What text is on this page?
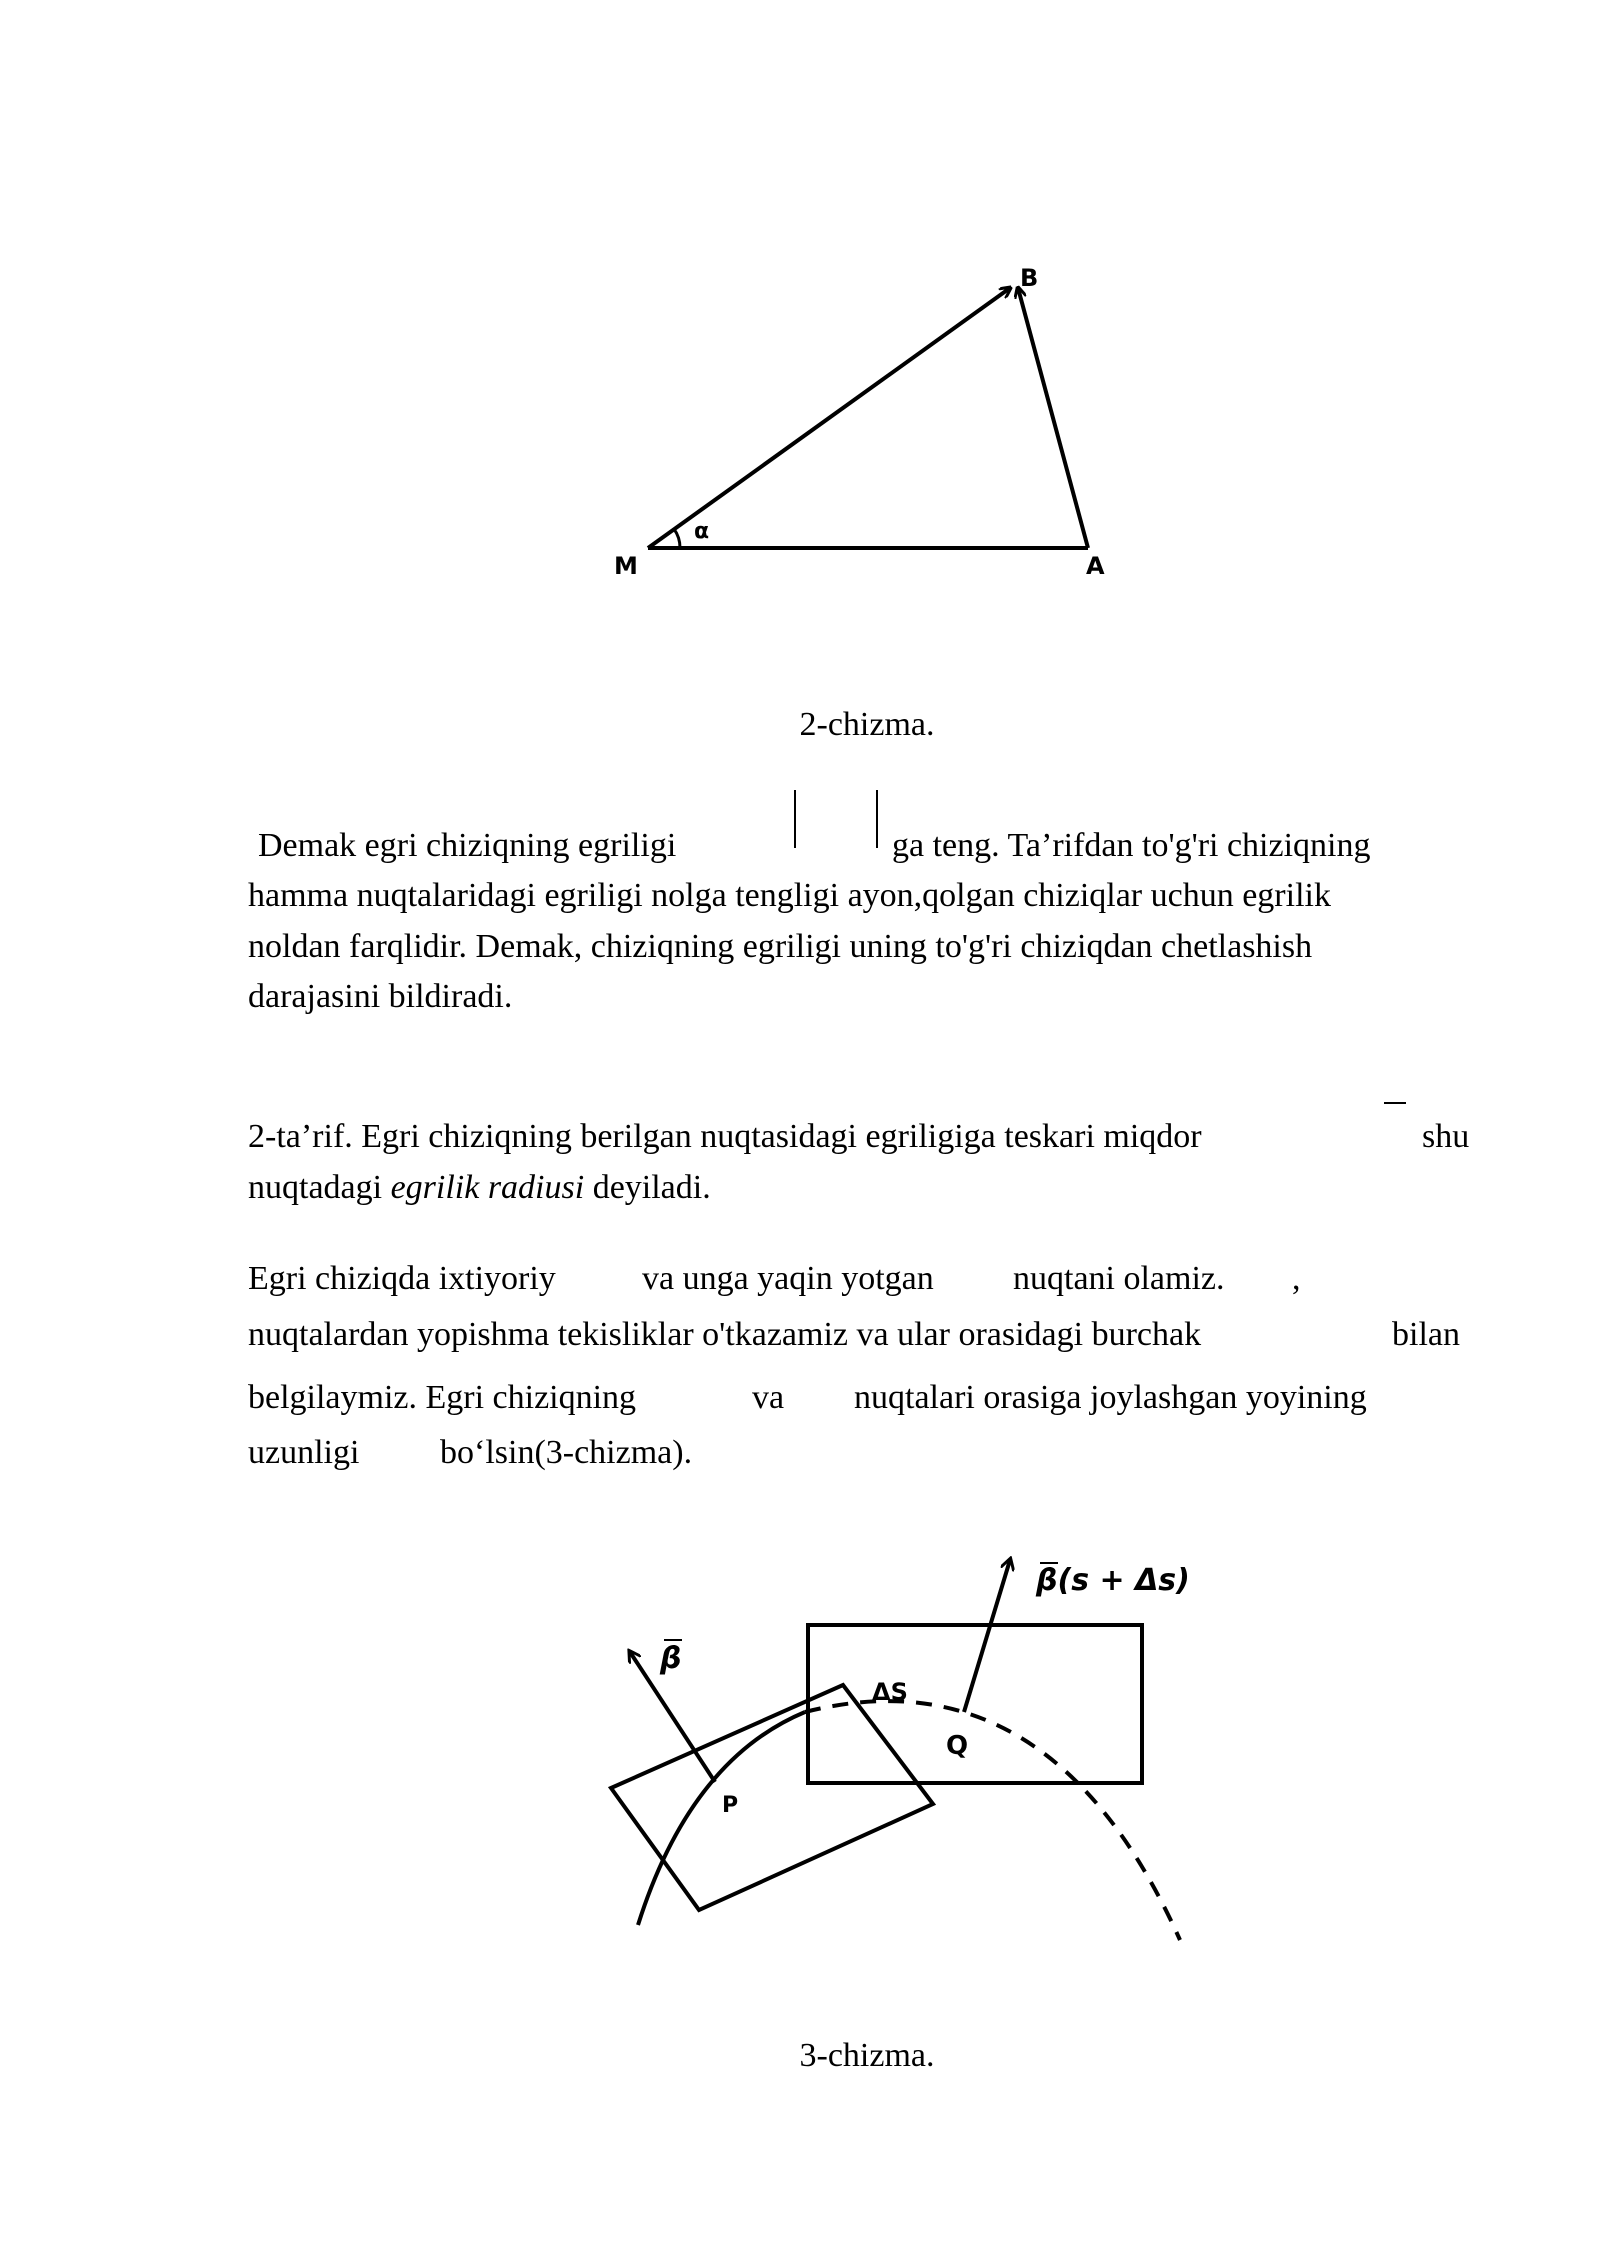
B
M	A
α
2-chizma.
Demak egri chiziqning egriligi	ga teng. Ta’rifdan to'g'ri chiziqning
hamma nuqtalaridagi egriligi nolga tengligi ayon,qolgan chiziqlar uchun egrilik
noldan farqlidir. Demak, chiziqning egriligi uning to'g'ri chiziqdan chetlashish
darajasini bildiradi.
2-ta’rif. Egri chiziqning berilgan nuqtasidagi egriligiga teskari miqdor	shu
nuqtadagi egrilik radiusi deyiladi.
Egri chiziqda ixtiyoriy	va unga yaqin yotgan nuqtani olamiz. ,
nuqtalardan yopishma tekisliklar o'tkazamiz va ular orasidagi burchak	bilan
belgilaymiz. Egri chiziqning	va nuqtalari orasiga joylashgan yoyining
uzunligi bo‘lsin(3-chizma).
β
β(s + Δs)
ΔS
P
Q
3-chizma.
